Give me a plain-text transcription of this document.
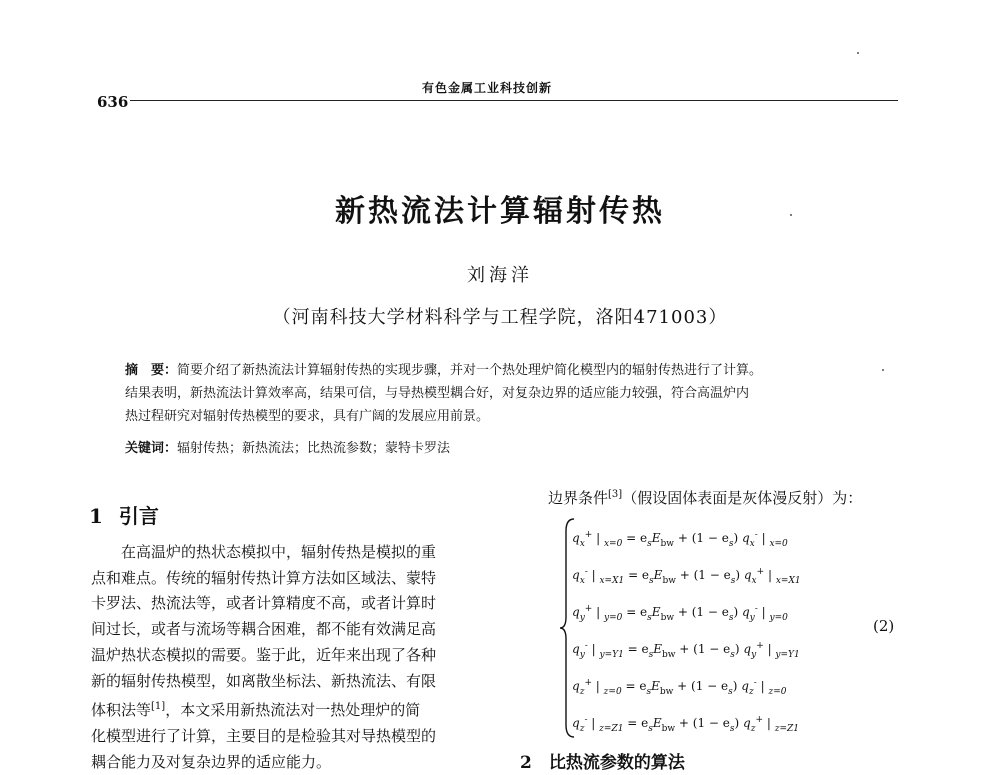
有色金属工业科技创新
636
新热流法计算辐射传热
刘海洋
（河南科技大学材料科学与工程学院，洛阳471003）

摘　要：简要介绍了新热流法计算辐射传热的实现步骤，并对一个热处理炉简化模型内的辐射传热进行了计算。

结果表明，新热流法计算效率高，结果可信，与导热模型耦合好，对复杂边界的适应能力较强，符合高温炉内

热过程研究对辐射传热模型的要求，具有广阔的发展应用前景。

关键词：辐射传热；新热流法；比热流参数；蒙特卡罗法
1 引言

在高温炉的热状态模拟中，辐射传热是模拟的重

点和难点。传统的辐射传热计算方法如区域法、蒙特

卡罗法、热流法等，或者计算精度不高，或者计算时

间过长，或者与流场等耦合困难，都不能有效满足高

温炉热状态模拟的需要。鉴于此，近年来出现了各种

新的辐射传热模型，如离散坐标法、新热流法、有限

体积法等[1]，本文采用新热流法对一热处理炉的简

化模型进行了计算，主要目的是检验其对导热模型的

耦合能力及对复杂边界的适应能力。

边界条件[3]（假设固体表面是灰体漫反射）为：
$q_x^+$ | $_{x=0} = e_sE_{bw} + (1 - e_s)$ $q_x^-$ | $_{x=0}$
$q_x^-$ | $_{x=X1} = e_sE_{bw} + (1 - e_s)$ $q_x^+$ | $_{x=X1}$
$q_y^+$ | $_{y=0} = e_sE_{bw} + (1 - e_s)$ $q_y^-$ | $_{y=0}$
$q_y^-$ | $_{y=Y1} = e_sE_{bw} + (1 - e_s)$ $q_y^+$ | $_{y=Y1}$
$q_z^+$ | $_{z=0} = e_sE_{bw} + (1 - e_s)$ $q_z^-$ | $_{z=0}$
$q_z^-$ | $_{z=Z1} = e_sE_{bw} + (1 - e_s)$ $q_z^+$ | $_{z=Z1}$
(2)
2　比热流参数的算法
